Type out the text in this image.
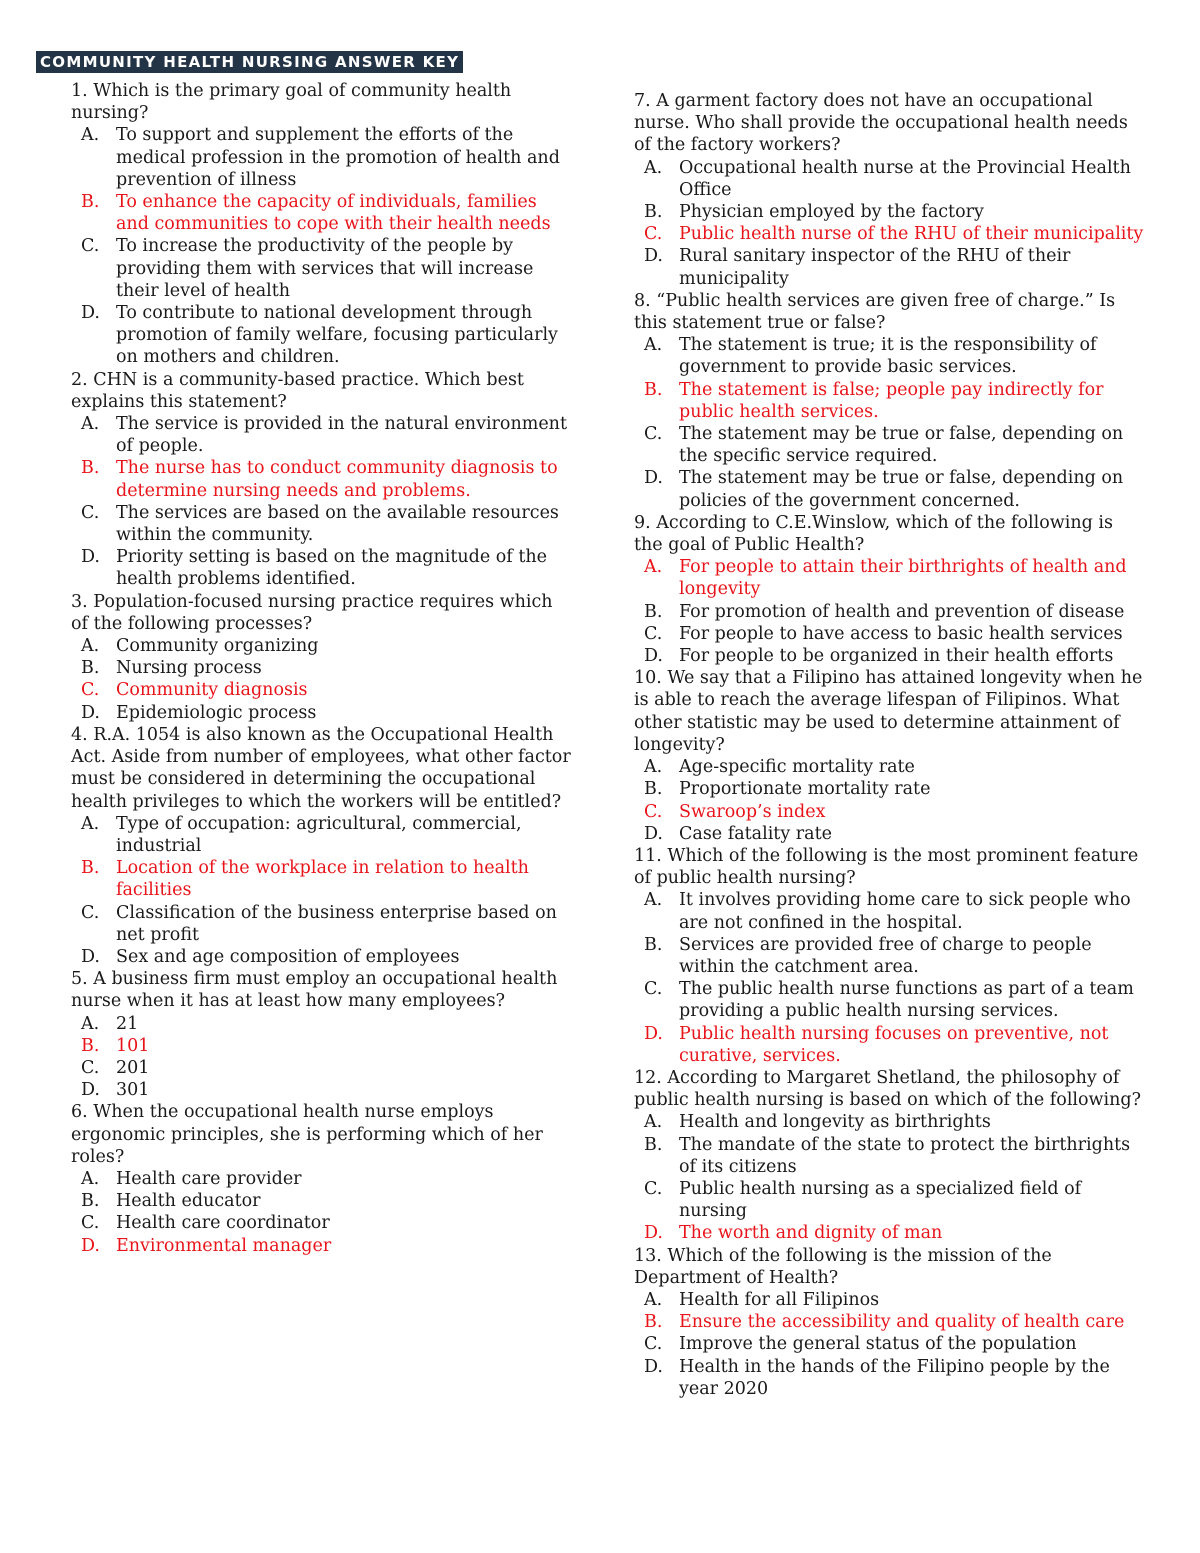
COMMUNITY HEALTH NURSING ANSWER KEY

1. Which is the primary goal of community health nursing?

A. To support and supplement the efforts of the medical profession in the promotion of health and prevention of illness
B. To enhance the capacity of individuals, families and communities to cope with their health needs
C. To increase the productivity of the people by providing them with services that will increase their level of health
D. To contribute to national development through promotion of family welfare, focusing particularly on mothers and children.

2. CHN is a community-based practice. Which best explains this statement?

A. The service is provided in the natural environment of people.
B. The nurse has to conduct community diagnosis to determine nursing needs and problems.
C. The services are based on the available resources within the community.
D. Priority setting is based on the magnitude of the health problems identified.

3. Population-focused nursing practice requires which of the following processes?

A. Community organizing
B. Nursing process
C. Community diagnosis
D. Epidemiologic process

4. R.A. 1054 is also known as the Occupational Health Act. Aside from number of employees, what other factor must be considered in determining the occupational health privileges to which the workers will be entitled?

A. Type of occupation: agricultural, commercial, industrial
B. Location of the workplace in relation to health facilities
C. Classification of the business enterprise based on net profit
D. Sex and age composition of employees

5. A business firm must employ an occupational health nurse when it has at least how many employees?

A. 21
B. 101
C. 201
D. 301

6. When the occupational health nurse employs ergonomic principles, she is performing which of her roles?

A. Health care provider
B. Health educator
C. Health care coordinator
D. Environmental manager

7. A garment factory does not have an occupational nurse. Who shall provide the occupational health needs of the factory workers?

A. Occupational health nurse at the Provincial Health Office
B. Physician employed by the factory
C. Public health nurse of the RHU of their municipality
D. Rural sanitary inspector of the RHU of their municipality

8. “Public health services are given free of charge.” Is this statement true or false?

A. The statement is true; it is the responsibility of government to provide basic services.
B. The statement is false; people pay indirectly for public health services.
C. The statement may be true or false, depending on the specific service required.
D. The statement may be true or false, depending on policies of the government concerned.

9. According to C.E.Winslow, which of the following is the goal of Public Health?

A. For people to attain their birthrights of health and longevity
B. For promotion of health and prevention of disease
C. For people to have access to basic health services
D. For people to be organized in their health efforts

10. We say that a Filipino has attained longevity when he is able to reach the average lifespan of Filipinos. What other statistic may be used to determine attainment of longevity?

A. Age-specific mortality rate
B. Proportionate mortality rate
C. Swaroop’s index
D. Case fatality rate

11. Which of the following is the most prominent feature of public health nursing?

A. It involves providing home care to sick people who are not confined in the hospital.
B. Services are provided free of charge to people within the catchment area.
C. The public health nurse functions as part of a team providing a public health nursing services.
D. Public health nursing focuses on preventive, not curative, services.

12. According to Margaret Shetland, the philosophy of public health nursing is based on which of the following?

A. Health and longevity as birthrights
B. The mandate of the state to protect the birthrights of its citizens
C. Public health nursing as a specialized field of nursing
D. The worth and dignity of man

13. Which of the following is the mission of the Department of Health?

A. Health for all Filipinos
B. Ensure the accessibility and quality of health care
C. Improve the general status of the population
D. Health in the hands of the Filipino people by the year 2020
